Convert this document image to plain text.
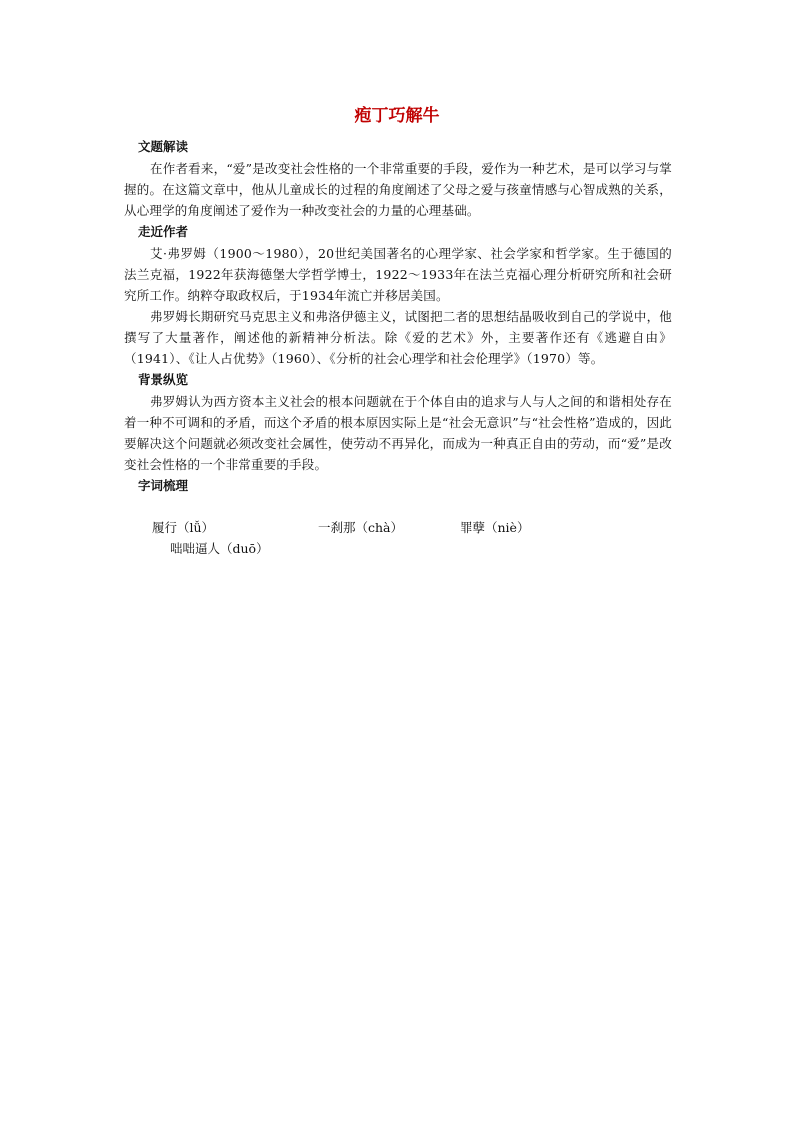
疱丁巧解牛
文题解读

在作者看来，“爱”是改变社会性格的一个非常重要的手段，爱作为一种艺术，是可以学习与掌握的。在这篇文章中，他从儿童成长的过程的角度阐述了父母之爱与孩童情感与心智成熟的关系，从心理学的角度阐述了爱作为一种改变社会的力量的心理基础。

走近作者

艾·弗罗姆（1900～1980），20世纪美国著名的心理学家、社会学家和哲学家。生于德国的法兰克福，1922年获海德堡大学哲学博士，1922～1933年在法兰克福心理分析研究所和社会研究所工作。纳粹夺取政权后，于1934年流亡并移居美国。

弗罗姆长期研究马克思主义和弗洛伊德主义，试图把二者的思想结晶吸收到自己的学说中，他撰写了大量著作，阐述他的新精神分析法。除《爱的艺术》外，主要著作还有《逃避自由》（1941）、《让人占优势》（1960）、《分析的社会心理学和社会伦理学》（1970）等。

背景纵览

弗罗姆认为西方资本主义社会的根本问题就在于个体自由的追求与人与人之间的和谐相处存在着一种不可调和的矛盾，而这个矛盾的根本原因实际上是“社会无意识”与“社会性格”造成的，因此要解决这个问题就必须改变社会属性，使劳动不再异化，而成为一种真正自由的劳动，而“爱”是改变社会性格的一个非常重要的手段。

字词梳理
履行（lǚ）	一刹那（chà）	罪孽（niè）
咄咄逼人（duō）
